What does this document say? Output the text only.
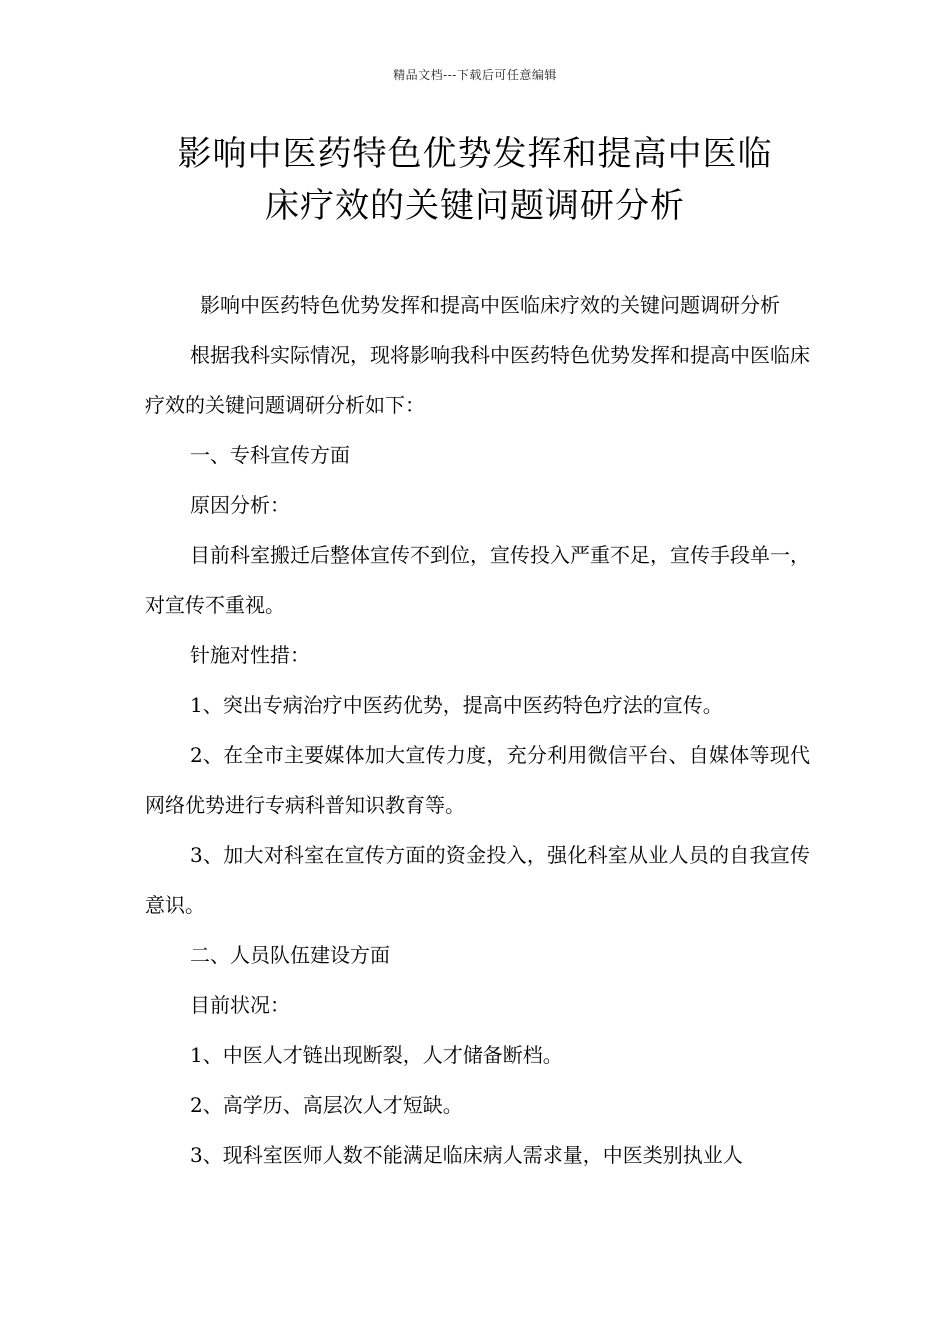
精品文档---下载后可任意编辑
影响中医药特色优势发挥和提高中医临
床疗效的关键问题调研分析

影响中医药特色优势发挥和提高中医临床疗效的关键问题调研分析

根据我科实际情况，现将影响我科中医药特色优势发挥和提高中医临床疗效的关键问题调研分析如下：

一、专科宣传方面

原因分析：

目前科室搬迁后整体宣传不到位，宣传投入严重不足，宣传手段单一，对宣传不重视。

针施对性措：

1、突出专病治疗中医药优势，提高中医药特色疗法的宣传。

2、在全市主要媒体加大宣传力度，充分利用微信平台、自媒体等现代网络优势进行专病科普知识教育等。

3、加大对科室在宣传方面的资金投入，强化科室从业人员的自我宣传意识。

二、人员队伍建设方面

目前状况：

1、中医人才链出现断裂，人才储备断档。

2、高学历、高层次人才短缺。

3、现科室医师人数不能满足临床病人需求量，中医类别执业人
